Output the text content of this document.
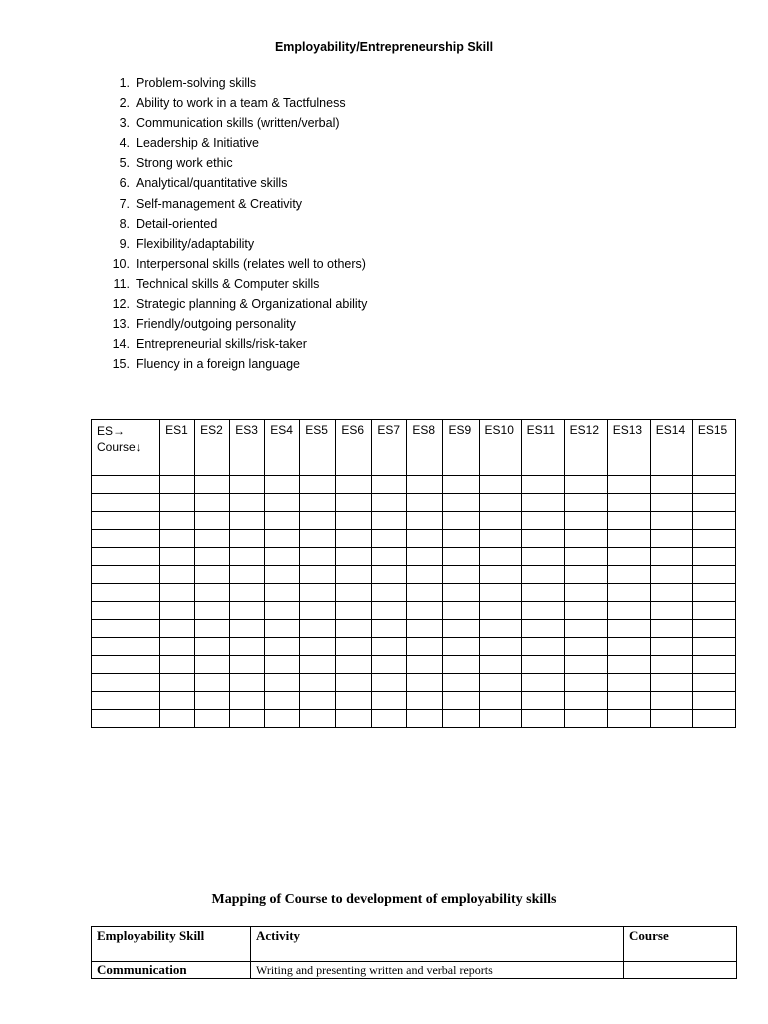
Employability/Entrepreneurship Skill
1. Problem-solving skills
2. Ability to work in a team & Tactfulness
3. Communication skills (written/verbal)
4. Leadership & Initiative
5. Strong work ethic
6. Analytical/quantitative skills
7. Self-management & Creativity
8. Detail-oriented
9. Flexibility/adaptability
10. Interpersonal skills (relates well to others)
11. Technical skills & Computer skills
12. Strategic planning & Organizational ability
13. Friendly/outgoing personality
14. Entrepreneurial skills/risk-taker
15. Fluency in a foreign language
ES→
Course↓	ES1	ES2	ES3	ES4	ES5	ES6	ES7	ES8	ES9	ES10	ES11	ES12	ES13	ES14	ES15

Mapping of Course to development of employability skills
Employability Skill	Activity	Course
Communication	Writing and presenting written and verbal reports	
